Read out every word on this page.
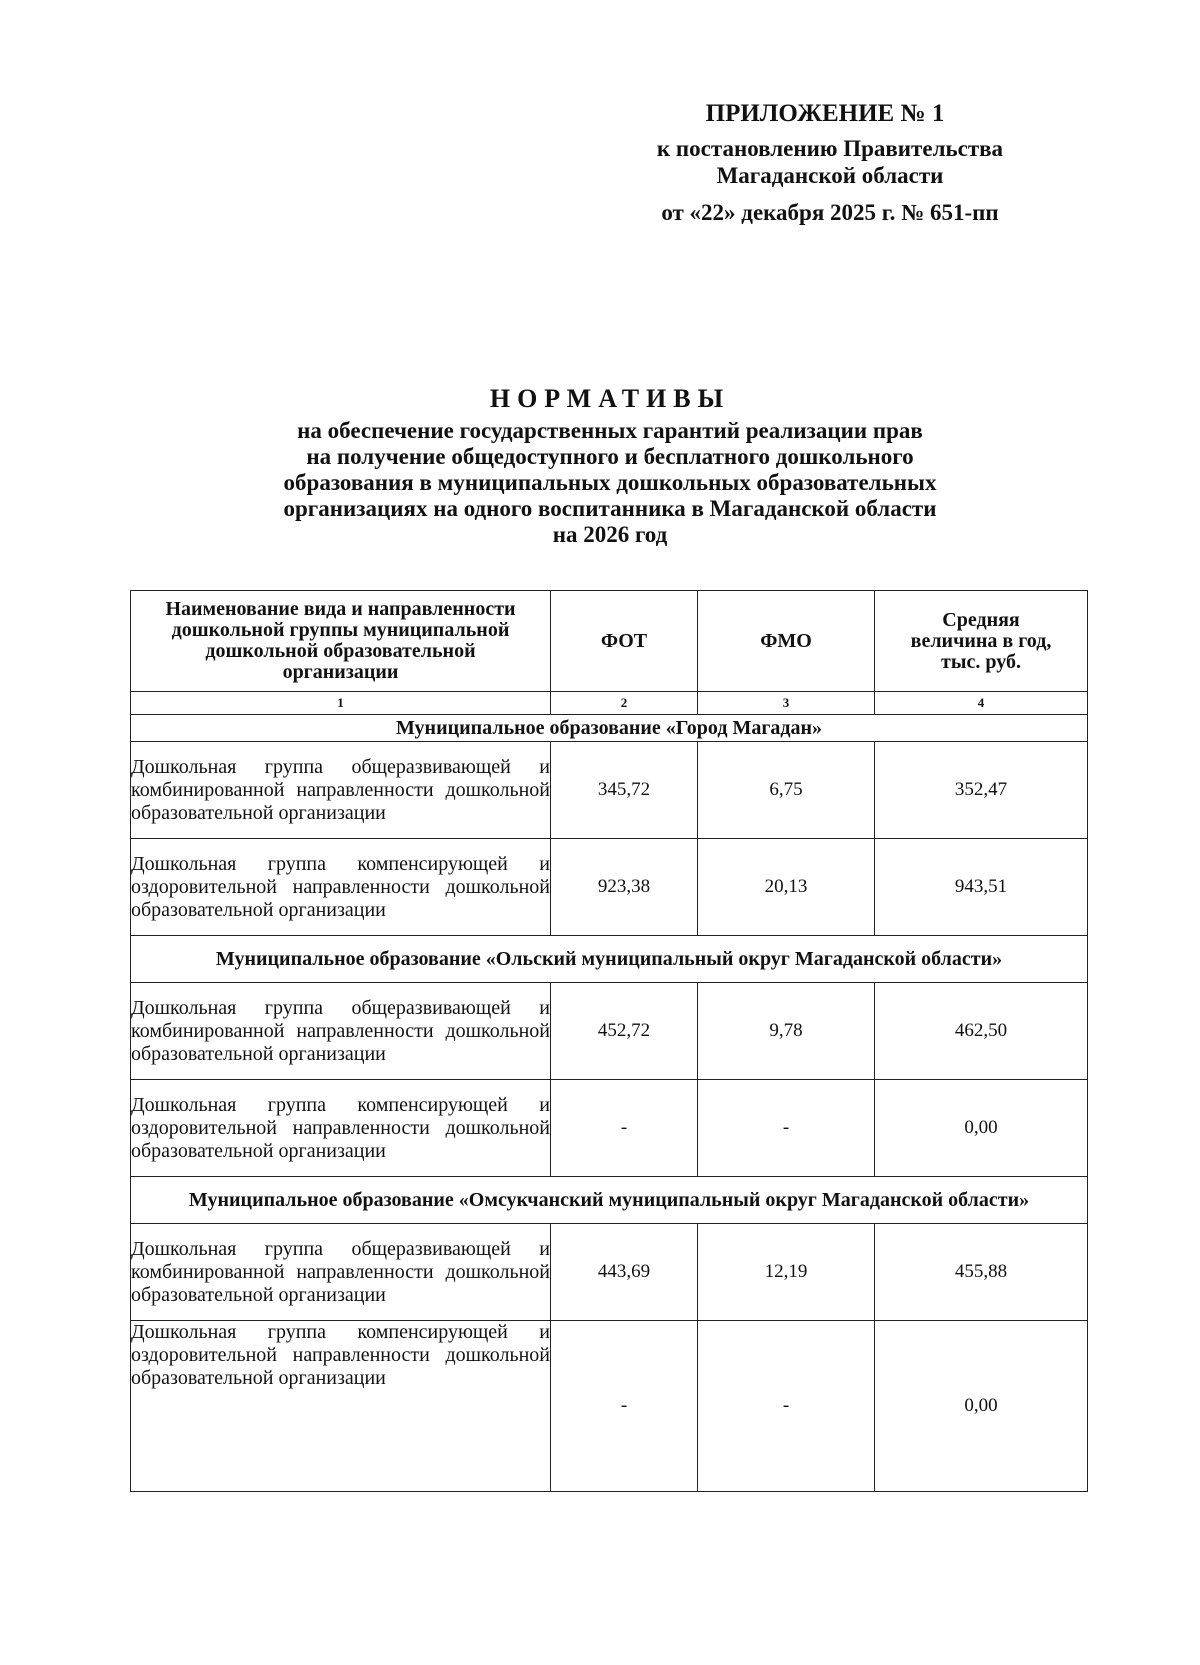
ПРИЛОЖЕНИЕ № 1
к постановлению Правительства
Магаданской области
от «22» декабря 2025 г. № 651-пп
НОРМАТИВЫ
на обеспечение государственных гарантий реализации прав
на получение общедоступного и бесплатного дошкольного
образования в муниципальных дошкольных образовательных
организациях на одного воспитанника в Магаданской области
на 2026 год
Наименование вида и направленности дошкольной группы муниципальной дошкольной образовательной организации	ФОТ	ФМО	Средняя величина в год, тыс. руб.
1	2	3	4
Муниципальное образование «Город Магадан»			
Дошкольная группа общеразвивающей и комбинированной направленности дошкольной образовательной организации	345,72	6,75	352,47
Дошкольная группа компенсирующей и оздоровительной направленности дошкольной образовательной организации	923,38	20,13	943,51
Муниципальное образование «Ольский муниципальный округ Магаданской области»			
Дошкольная группа общеразвивающей и комбинированной направленности дошкольной образовательной организации	452,72	9,78	462,50
Дошкольная группа компенсирующей и оздоровительной направленности дошкольной образовательной организации	-	-	0,00
Муниципальное образование «Омсукчанский муниципальный округ Магаданской области»			
Дошкольная группа общеразвивающей и комбинированной направленности дошкольной образовательной организации	443,69	12,19	455,88
Дошкольная группа компенсирующей и оздоровительной направленности дошкольной образовательной организации	-	-	0,00
